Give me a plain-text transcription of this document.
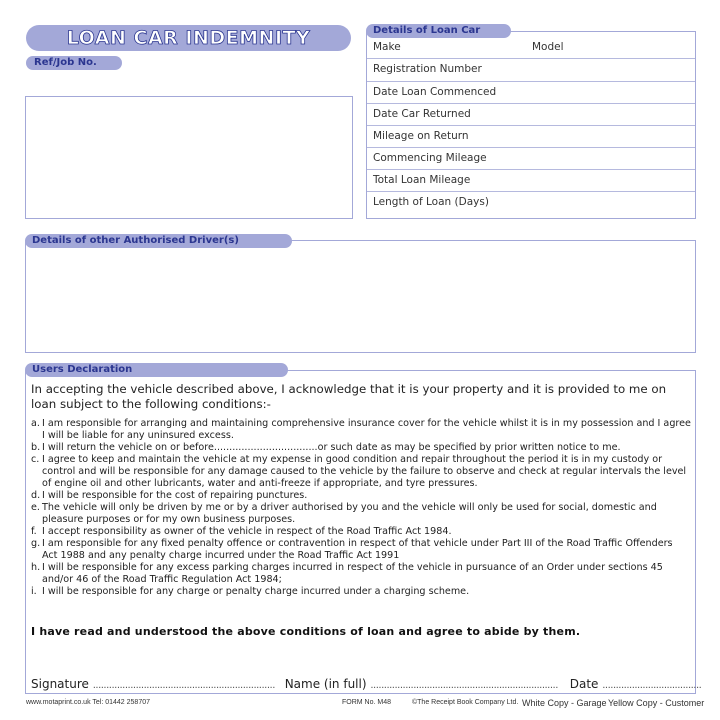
LOAN CAR INDEMNITY
Ref/Job No.
Make	Model
Registration Number
Date Loan Commenced
Date Car Returned
Mileage on Return
Commencing Mileage
Total Loan Mileage
Length of Loan (Days)
Details of Loan Car
Details of other Authorised Driver(s)
Users Declaration
In accepting the vehicle described above, I acknowledge that it is your property and it is provided to me on loan subject to the following conditions:-
a. I am responsible for arranging and maintaining comprehensive insurance cover for the vehicle whilst it is in my possession and I agree I will be liable for any uninsured excess.
b. I will return the vehicle on or before..................................or such date as may be specified by prior written notice to me.
c. I agree to keep and maintain the vehicle at my expense in good condition and repair throughout the period it is in my custody or control and will be responsible for any damage caused to the vehicle by the failure to observe and check at regular intervals the level of engine oil and other lubricants, water and anti-freeze if appropriate, and tyre pressures.
d. I will be responsible for the cost of repairing punctures.
e. The vehicle will only be driven by me or by a driver authorised by you and the vehicle will only be used for social, domestic and pleasure purposes or for my own business purposes.
f. I accept responsibility as owner of the vehicle in respect of the Road Traffic Act 1984.
g. I am responsible for any fixed penalty offence or contravention in respect of that vehicle under Part III of the Road Traffic Offenders Act 1988 and any penalty charge incurred under the Road Traffic Act 1991
h. I will be responsible for any excess parking charges incurred in respect of the vehicle in pursuance of an Order under sections 45 and/or 46 of the Road Traffic Regulation Act 1984;
i. I will be responsible for any charge or penalty charge incurred under a charging scheme.
I have read and understood the above conditions of loan and agree to abide by them.
Signature .................................................................... Name (in full) ...................................................................... Date .....................................
www.motaprint.co.uk Tel: 01442 258707	FORM No. M48	©The Receipt Book Company Ltd. White Copy - Garage Yellow Copy - Customer
